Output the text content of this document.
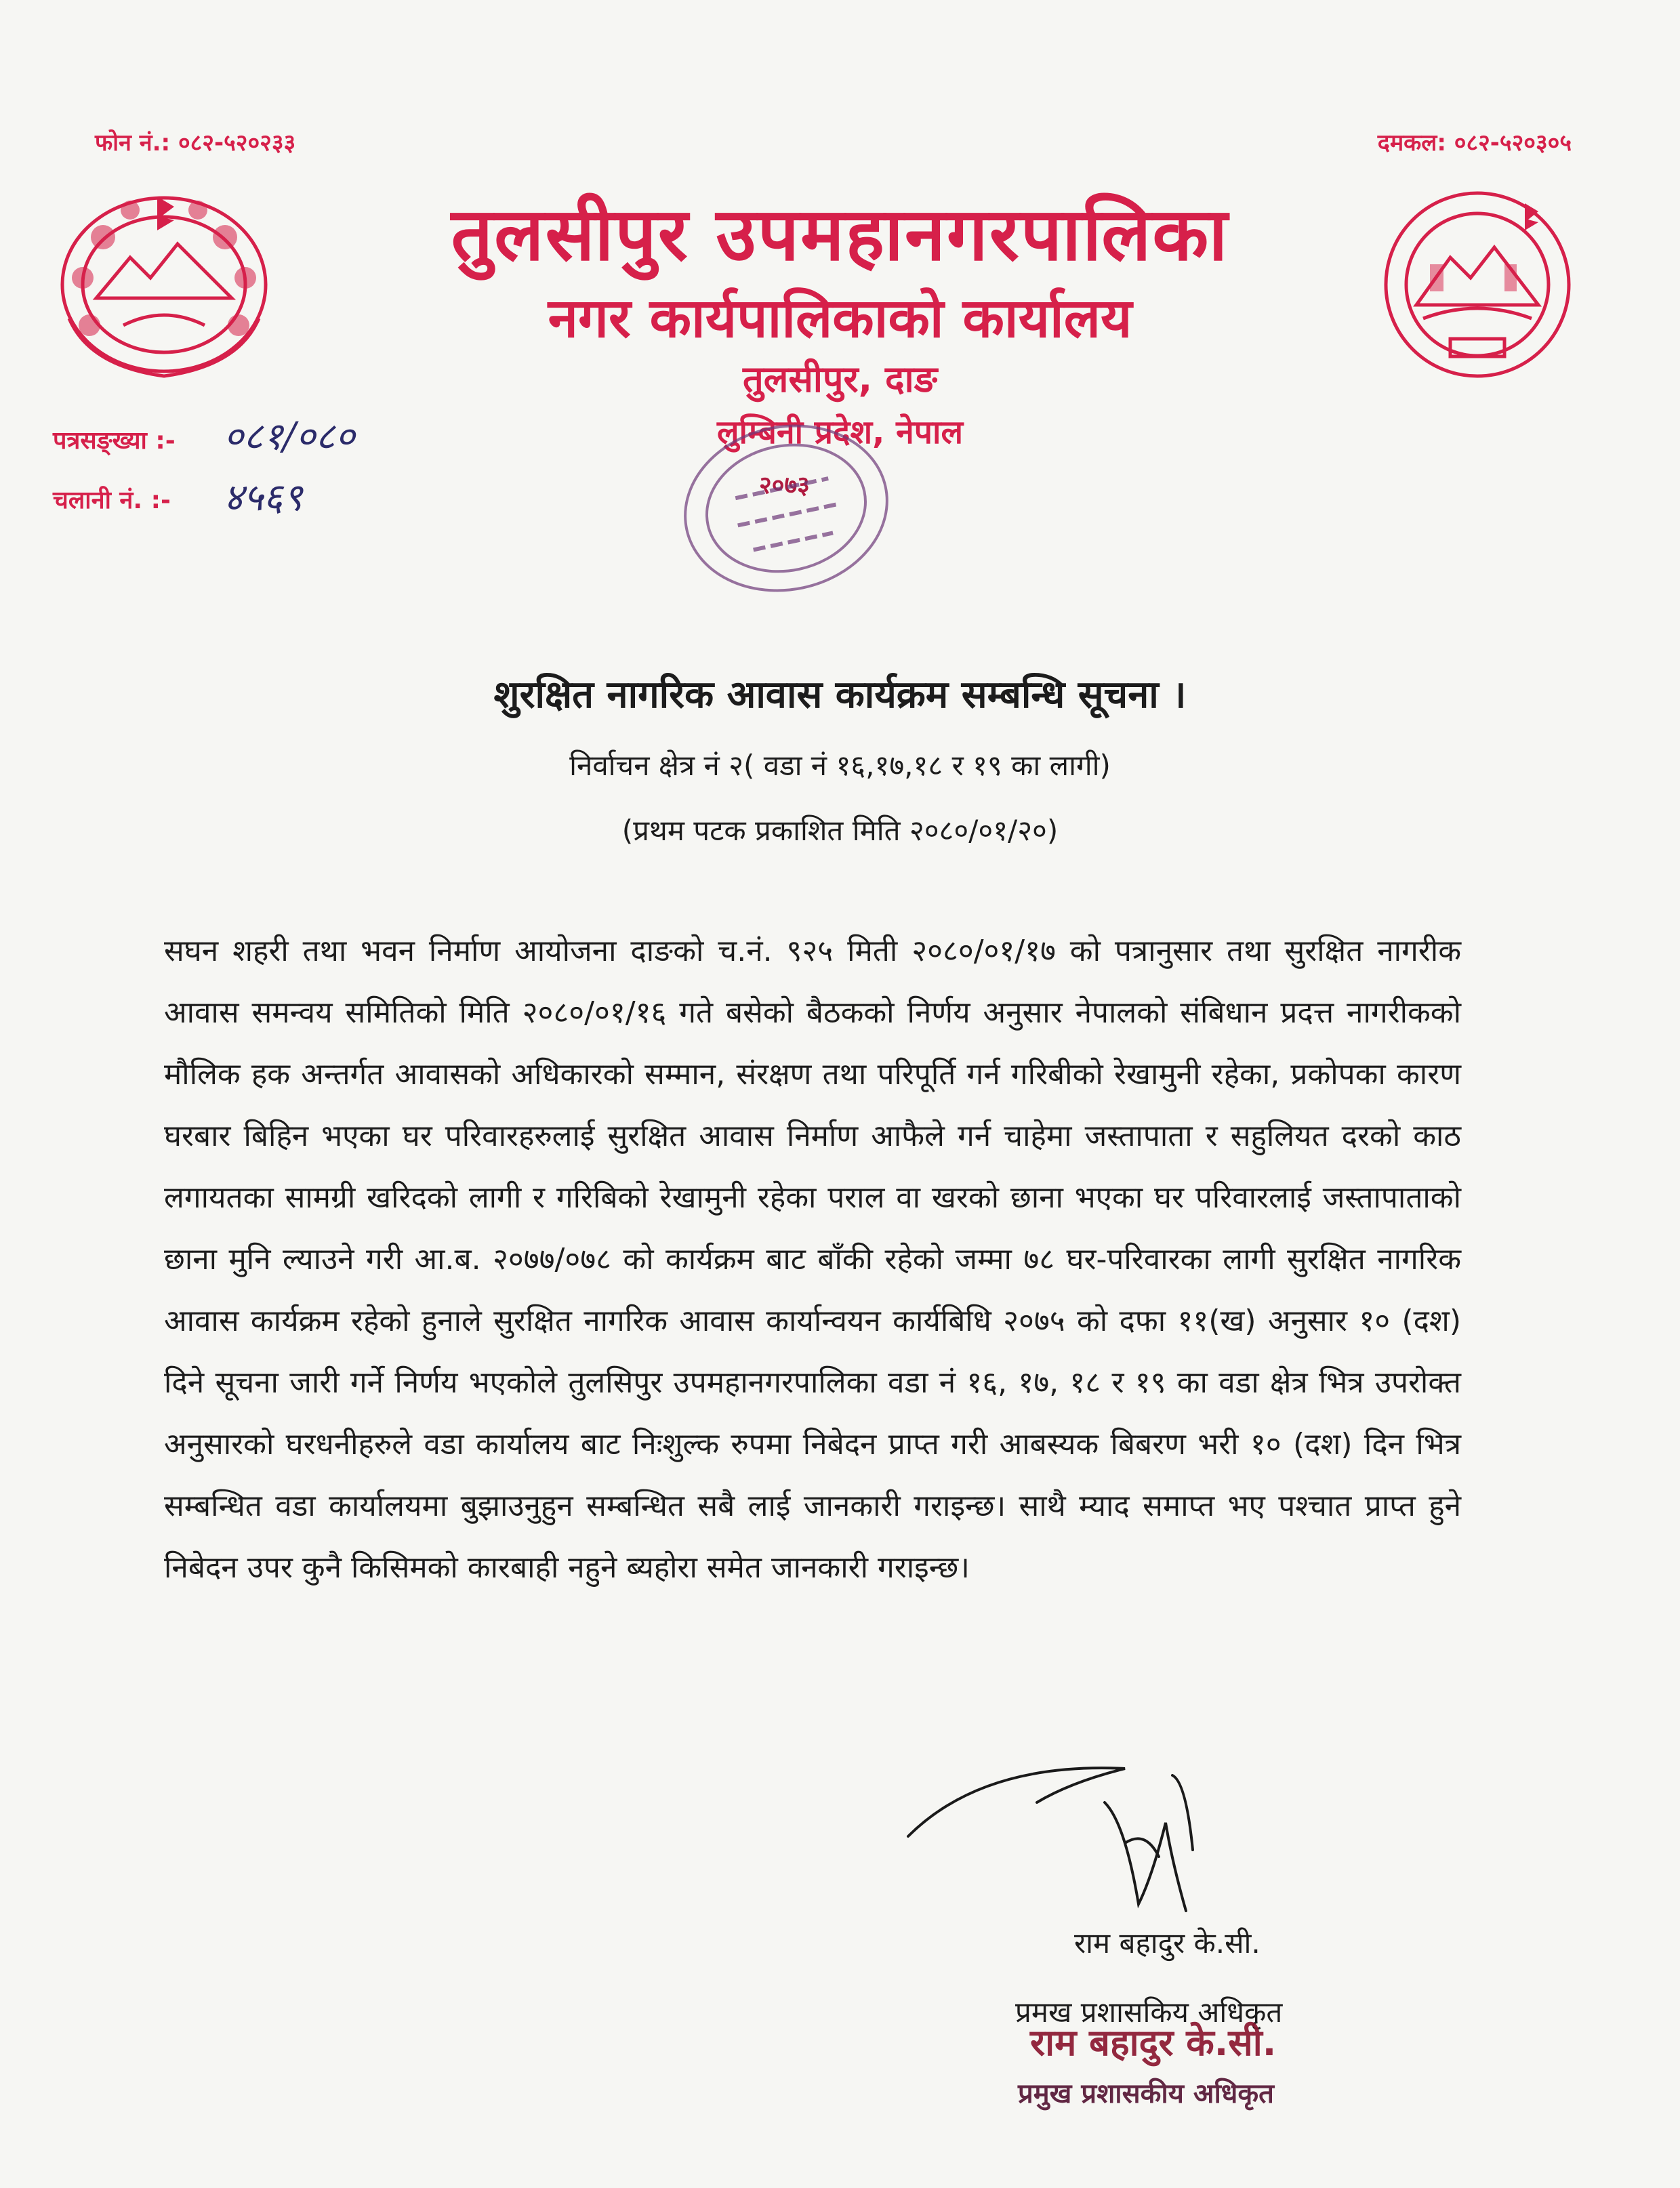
फोन नं.: ०८२-५२०२३३	दमकल: ०८२-५२०३०५
तुलसीपुर उपमहानगरपालिका
नगर कार्यपालिकाको कार्यालय
तुलसीपुर, दाङ
लुम्बिनी प्रदेश, नेपाल
२०७३
पत्रसङ्ख्या :- ०८१/०८०
चलानी नं. :- ४५६९
शुरक्षित नागरिक आवास कार्यक्रम सम्बन्धि सूचना ।
निर्वाचन क्षेत्र नं २( वडा नं १६,१७,१८ र १९ का लागी)
(प्रथम पटक प्रकाशित मिति २०८०/०१/२०)

सघन शहरी तथा भवन निर्माण आयोजना दाङको च.नं. ९२५ मिती २०८०/०१/१७ को पत्रानुसार तथा सुरक्षित नागरीक आवास समन्वय समितिको मिति २०८०/०१/१६ गते बसेको बैठकको निर्णय अनुसार नेपालको संबिधान प्रदत्त नागरीकको मौलिक हक अन्तर्गत आवासको अधिकारको सम्मान, संरक्षण तथा परिपूर्ति गर्न गरिबीको रेखामुनी रहेका, प्रकोपका कारण घरबार बिहिन भएका घर परिवारहरुलाई सुरक्षित आवास निर्माण आफैले गर्न चाहेमा जस्तापाता र सहुलियत दरको काठ लगायतका सामग्री खरिदको लागी र गरिबिको रेखामुनी रहेका पराल वा खरको छाना भएका घर परिवारलाई जस्तापाताको छाना मुनि ल्याउने गरी आ.ब. २०७७/०७८ को कार्यक्रम बाट बाँकी रहेको जम्मा ७८ घर-परिवारका लागी सुरक्षित नागरिक आवास कार्यक्रम रहेको हुनाले सुरक्षित नागरिक आवास कार्यान्वयन कार्यबिधि २०७५ को दफा ११(ख) अनुसार १० (दश) दिने सूचना जारी गर्ने निर्णय भएकोले तुलसिपुर उपमहानगरपालिका वडा नं १६, १७, १८ र १९ का वडा क्षेत्र भित्र उपरोक्त अनुसारको घरधनीहरुले वडा कार्यालय बाट निःशुल्क रुपमा निबेदन प्राप्त गरी आबस्यक बिबरण भरी १० (दश) दिन भित्र सम्बन्धित वडा कार्यालयमा बुझाउनुहुन सम्बन्धित सबै लाई जानकारी गराइन्छ। साथै म्याद समाप्त भए पश्चात प्राप्त हुने निबेदन उपर कुनै किसिमको कारबाही नहुने ब्यहोरा समेत जानकारी गराइन्छ।

राम बहादुर के.सी.
प्रमख प्रशासकिय अधिकृत
राम बहादुर के.सी.
प्रमुख प्रशासकीय अधिकृत
